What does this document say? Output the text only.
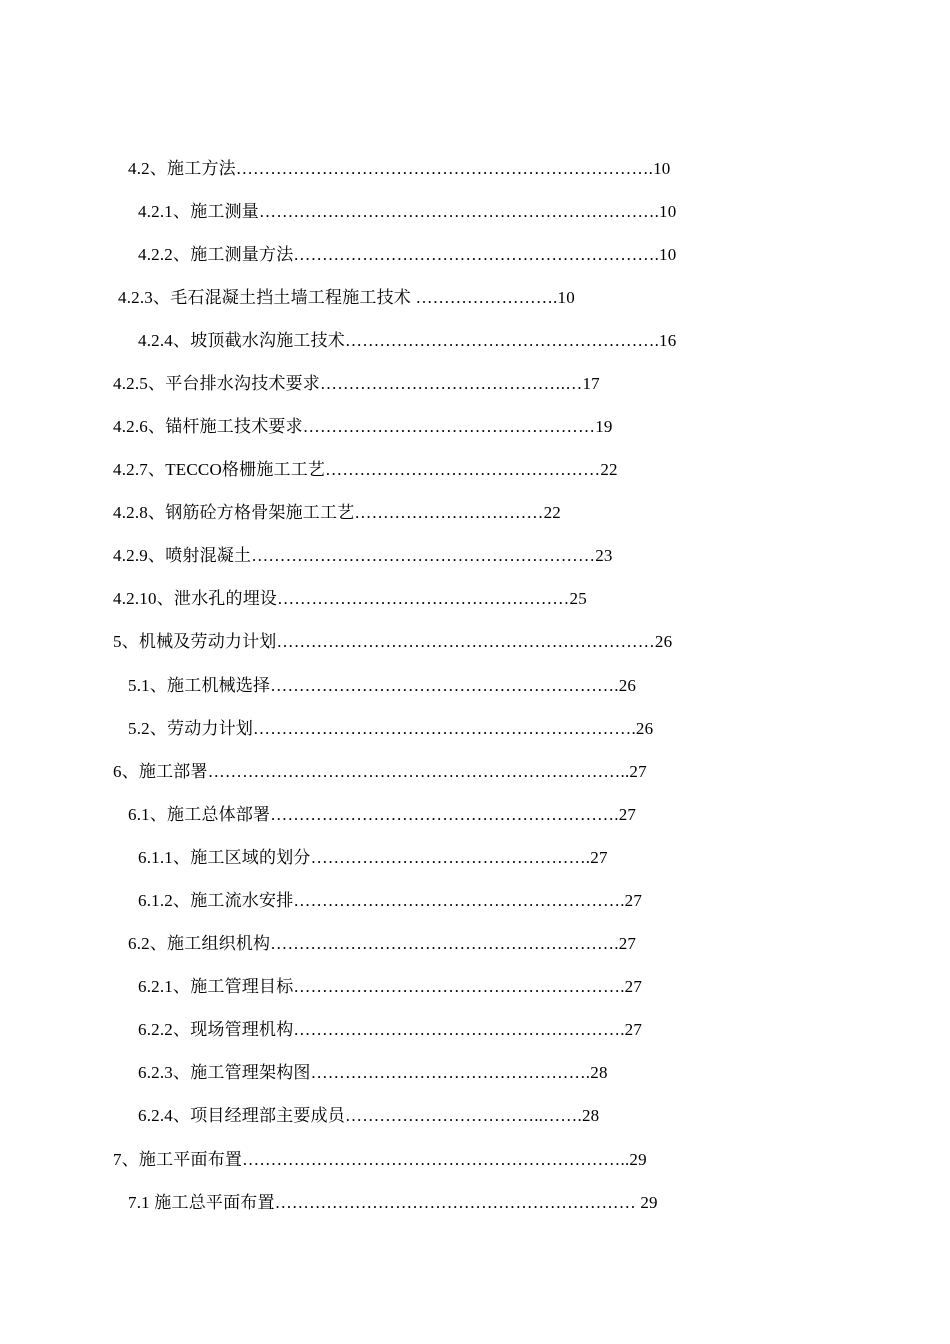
4.2、施工方法……………………………………………………………….10
4.2.1、施工测量…………………………………………………………….10
4.2.2、施工测量方法……………………………………………………….10
4.2.3、毛石混凝土挡土墙工程施工技术 …………………….10
4.2.4、坡顶截水沟施工技术……………………………………………….16
4.2.5、平台排水沟技术要求…………………………………….…17
4.2.6、锚杆施工技术要求……………………………………………19
4.2.7、TECCO格栅施工工艺…………………………………………22
4.2.8、钢筋砼方格骨架施工工艺……………………………22
4.2.9、喷射混凝土……………………………………………………23
4.2.10、泄水孔的埋设……………………………………………25
5、机械及劳动力计划…………………………………………………………26
5.1、施工机械选择…………………………………………………….26
5.2、劳动力计划………………………………………………………….26
6、施工部署………………………………………………………………..27
6.1、施工总体部署…………………………………………………….27
6.1.1、施工区域的划分………………………………………….27
6.1.2、施工流水安排………………………………………………….27
6.2、施工组织机构…………………………………………………….27
6.2.1、施工管理目标………………………………………………….27
6.2.2、现场管理机构………………………………………………….27
6.2.3、施工管理架构图………………………………………….28
6.2.4、项目经理部主要成员……………………………..…….28
7、施工平面布置…………………………………………………………..29
7.1 施工总平面布置……………………………………………………… 29
